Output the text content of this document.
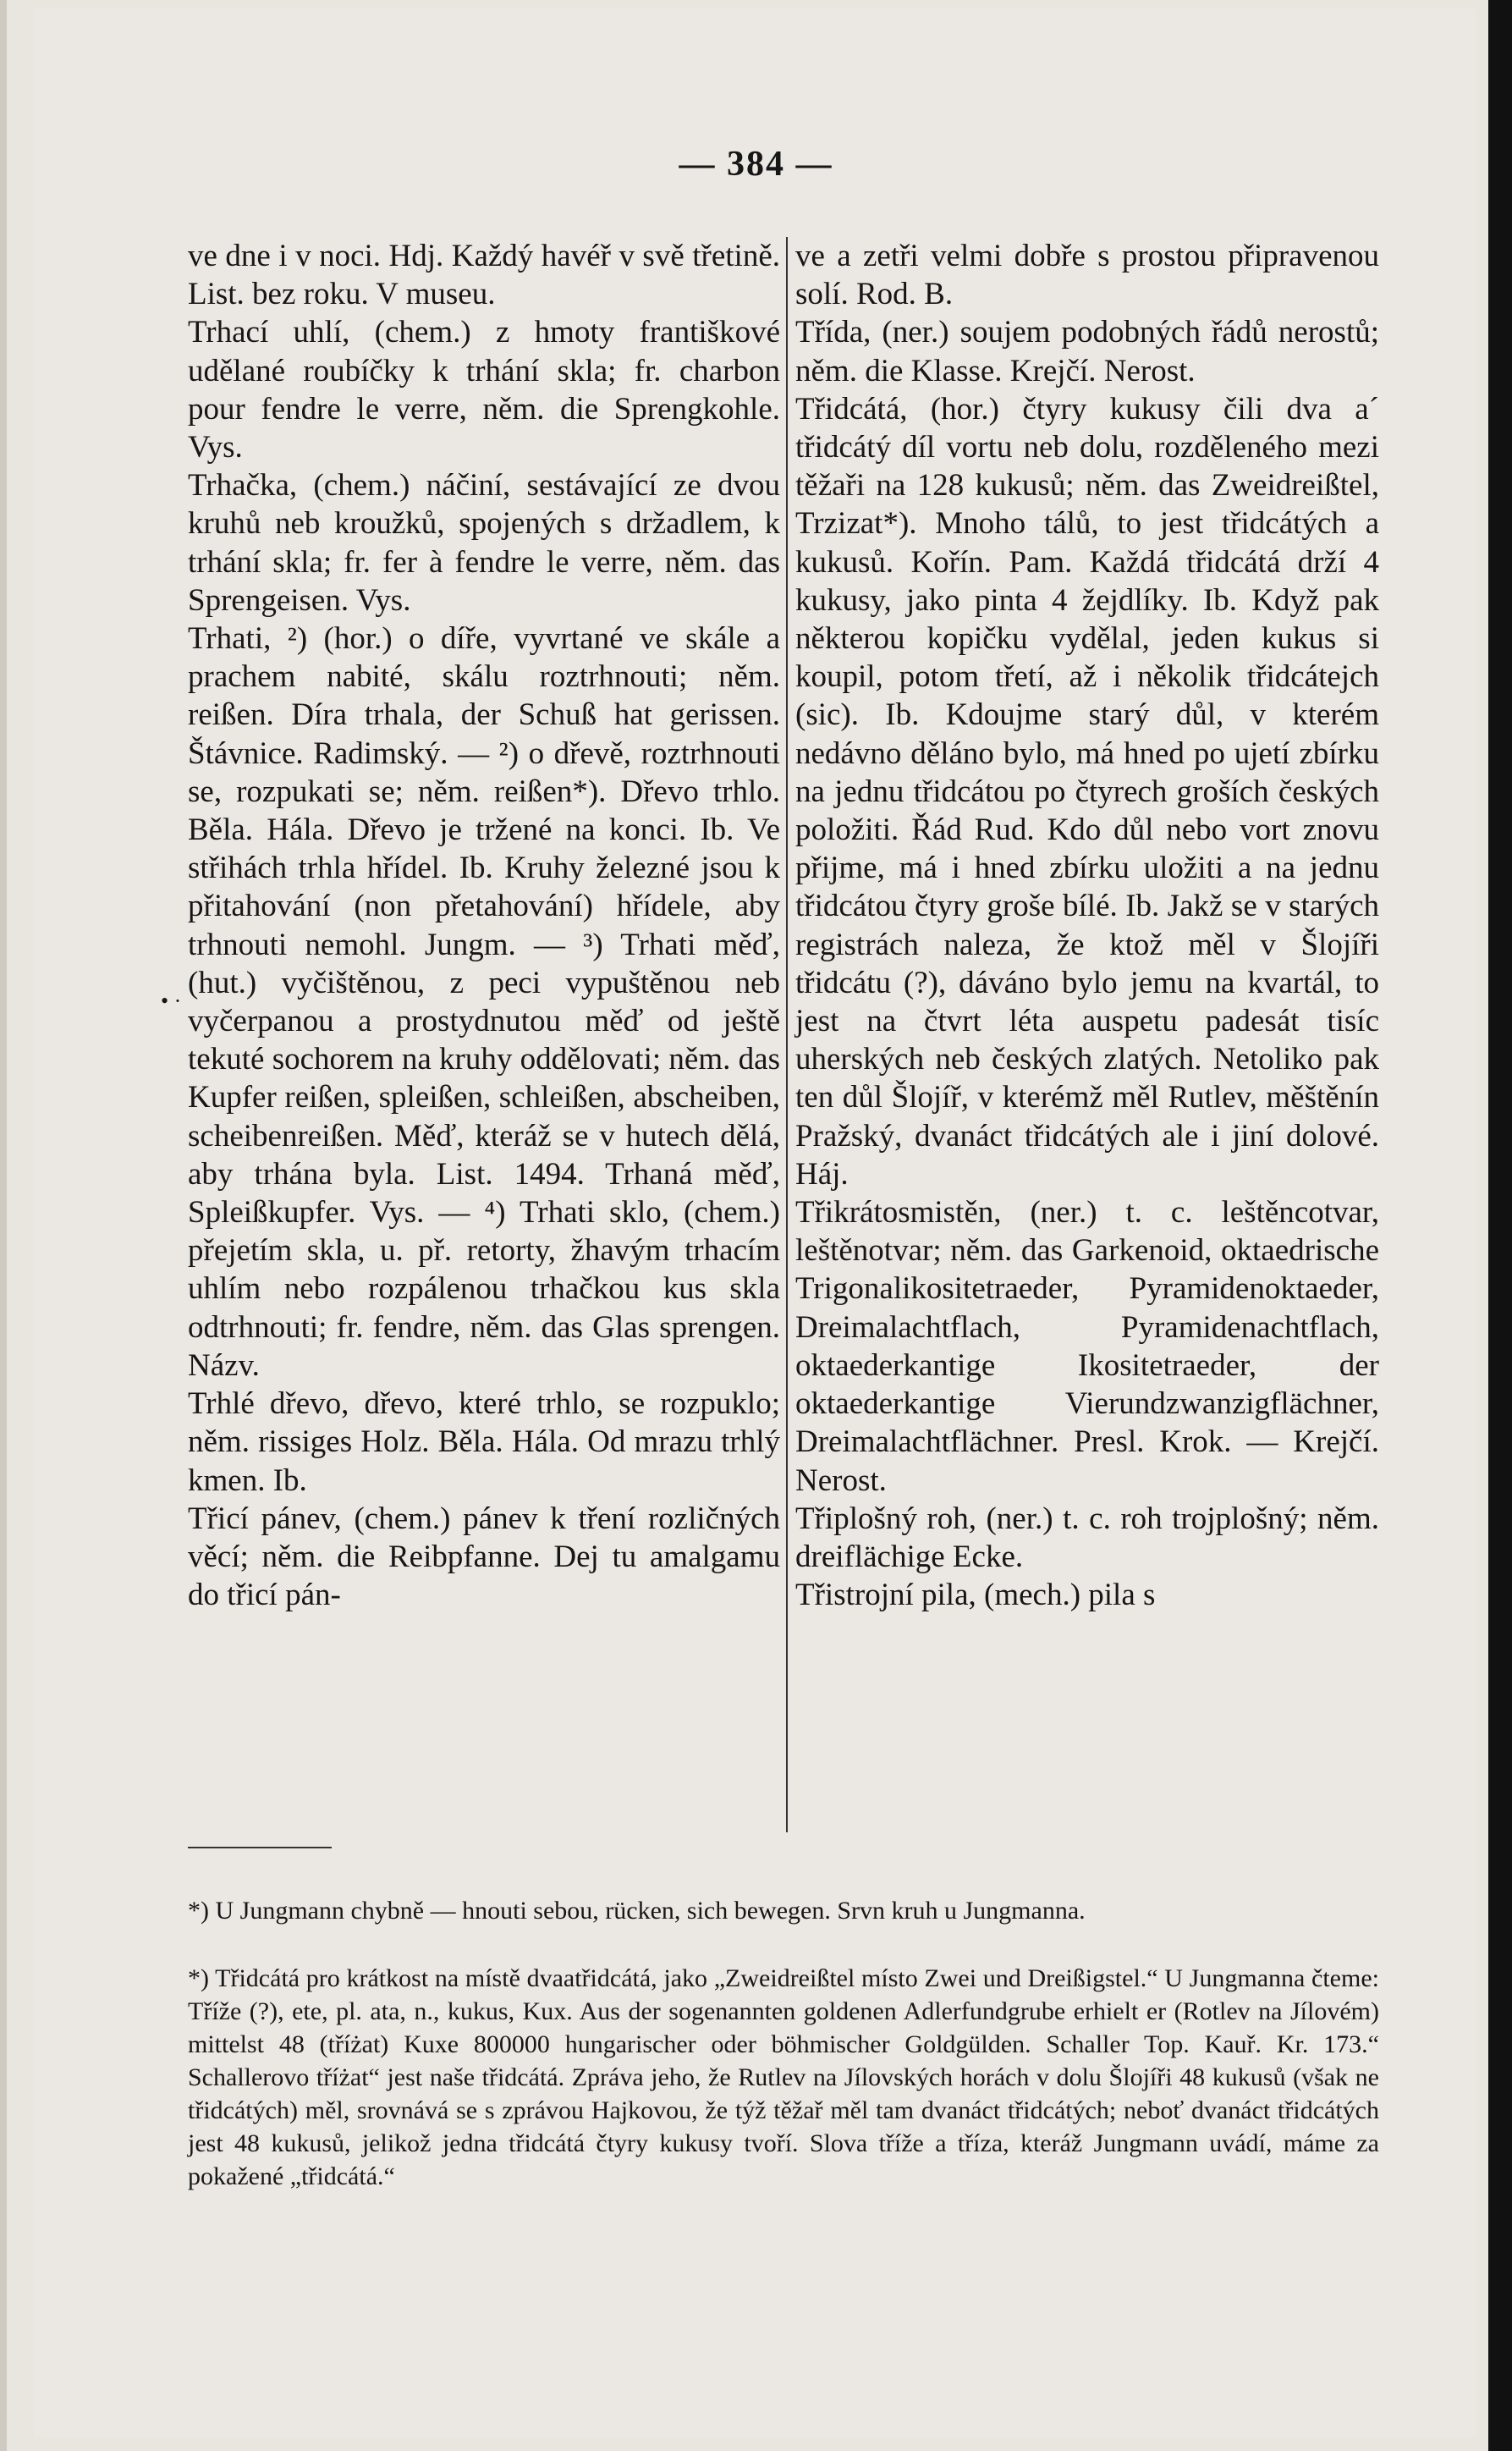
— 384 —

ve dne i v noci. Hdj. Každý havéř v svě třetině. List. bez roku. V museu.

Trhací uhlí, (chem.) z hmoty františkové udělané roubíčky k trhání skla; fr. charbon pour fendre le verre, něm. die Sprengkohle. Vys.

Trhačka, (chem.) náčiní, sestávající ze dvou kruhů neb kroužků, spojených s držadlem, k trhání skla; fr. fer à fendre le verre, něm. das Sprengeisen. Vys.

Trhati, ²) (hor.) o díře, vyvrtané ve skále a prachem nabité, skálu roztrhnouti; něm. reißen. Díra trhala, der Schuß hat gerissen. Štávnice. Radimský. — ²) o dřevě, roztrhnouti se, rozpukati se; něm. reißen*). Dřevo trhlo. Běla. Hála. Dřevo je tržené na konci. Ib. Ve střihách trhla hřídel. Ib. Kruhy železné jsou k přitahování (non přetahování) hřídele, aby trhnouti nemohl. Jungm. — ³) Trhati měď, (hut.) vyčištěnou, z peci vypuštěnou neb vyčerpanou a prostydnutou měď od ještě tekuté sochorem na kruhy oddělovati; něm. das Kupfer reißen, spleißen, schleißen, abscheiben, scheibenreißen. Měď, kteráž se v hutech dělá, aby trhána byla. List. 1494. Trhaná měď, Spleißkupfer. Vys. — ⁴) Trhati sklo, (chem.) přejetím skla, u. př. retorty, žhavým trhacím uhlím nebo rozpálenou trhačkou kus skla odtrhnouti; fr. fendre, něm. das Glas sprengen. Názv.

Trhlé dřevo, dřevo, které trhlo, se rozpuklo; něm. rissiges Holz. Běla. Hála. Od mrazu trhlý kmen. Ib.

Třicí pánev, (chem.) pánev k tření rozličných věcí; něm. die Reibpfanne. Dej tu amalgamu do třicí pán-

• ·

ve a zetři velmi dobře s prostou připravenou solí. Rod. B.

Třída, (ner.) soujem podobných řádů nerostů; něm. die Klasse. Krejčí. Nerost.

Třidcátá, (hor.) čtyry kukusy čili dva a´ třidcátý díl vortu neb dolu, rozděleného mezi těžaři na 128 kukusů; něm. das Zweidreißtel, Trzizat*). Mnoho tálů, to jest třidcátých a kukusů. Kořín. Pam. Každá třidcátá drží 4 kukusy, jako pinta 4 žejdlíky. Ib. Když pak některou kopičku vydělal, jeden kukus si koupil, potom třetí, až i několik třidcátejch (sic). Ib. Kdoujme starý důl, v kterém nedávno děláno bylo, má hned po ujetí zbírku na jednu třidcátou po čtyrech groších českých položiti. Řád Rud. Kdo důl nebo vort znovu přijme, má i hned zbírku uložiti a na jednu třidcátou čtyry groše bílé. Ib. Jakž se v starých registrách naleza, že ktož měl v Šlojíři třidcátu (?), dáváno bylo jemu na kvartál, to jest na čtvrt léta auspetu padesát tisíc uherských neb českých zlatých. Netoliko pak ten důl Šlojíř, v kterémž měl Rutlev, měštěnín Pražský, dvanáct třidcátých ale i jiní dolové. Háj.

Třikrátosmistěn, (ner.) t. c. leštěncotvar, leštěnotvar; něm. das Garkenoid, oktaedrische Trigonalikositetraeder, Pyramidenoktaeder, Dreimalachtflach, Pyramidenachtflach, oktaederkantige Ikositetraeder, der oktaederkantige Vierundzwanzigflächner, Dreimalachtflächner. Presl. Krok. — Krejčí. Nerost.

Třiplošný roh, (ner.) t. c. roh trojplošný; něm. dreiflächige Ecke.

Třistrojní pila, (mech.) pila s

*) U Jungmann chybně — hnouti sebou, rücken, sich bewegen. Srvn kruh u Jungmanna.

*) Třidcátá pro krátkost na místě dvaatřidcátá, jako „Zweidreißtel místo Zwei und Dreißigstel.“ U Jungmanna čteme: Tříže (?), ete, pl. ata, n., kukus, Kux. Aus der sogenannten goldenen Adlerfundgrube erhielt er (Rotlev na Jílovém) mittelst 48 (tříżat) Kuxe 800000 hungarischer oder böhmischer Goldgülden. Schaller Top. Kauř. Kr. 173.“ Schallerovo tříżat“ jest naše třidcátá. Zpráva jeho, že Rutlev na Jílovských horách v dolu Šlojíři 48 kukusů (však ne třidcátých) měl, srovnává se s zprávou Hajkovou, že týž těžař měl tam dvanáct třidcátých; neboť dvanáct třidcátých jest 48 kukusů, jelikož jedna třidcátá čtyry kukusy tvoří. Slova tříže a tříza, kteráž Jungmann uvádí, máme za pokažené „třidcátá.“
